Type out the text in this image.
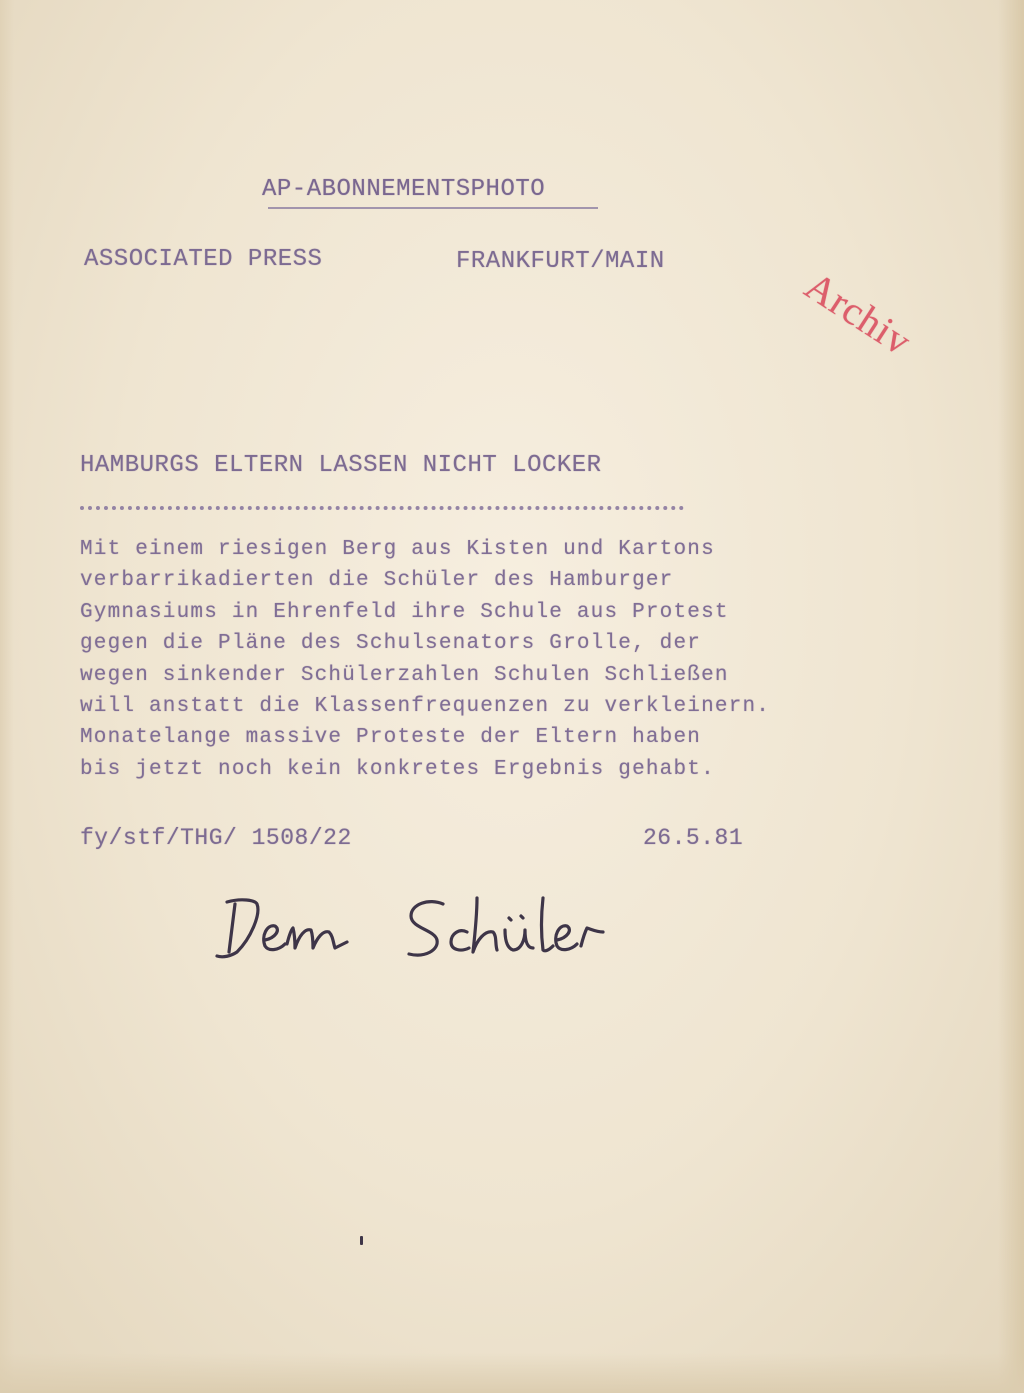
AP-ABONNEMENTSPHOTO

ASSOCIATED PRESS	FRANKFURT/MAIN

Archiv

HAMBURGS ELTERN LASSEN NICHT LOCKER

Mit einem riesigen Berg aus Kisten und Kartons
verbarrikadierten die Schüler des Hamburger
Gymnasiums in Ehrenfeld ihre Schule aus Protest
gegen die Pläne des Schulsenators Grolle, der
wegen sinkender Schülerzahlen Schulen Schließen
will anstatt die Klassenfrequenzen zu verkleinern.
Monatelange massive Proteste der Eltern haben
bis jetzt noch kein konkretes Ergebnis gehabt.

fy/stf/THG/ 1508/22	26.5.81
